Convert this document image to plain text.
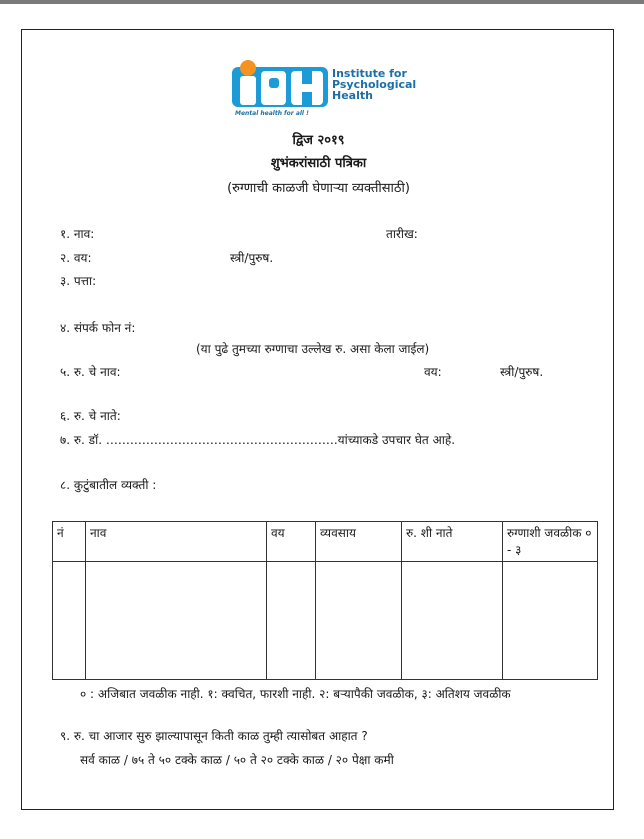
IPH
Institute for
Psychological
Health
Mental health for all !
द्विज २०१९
शुभंकरांसाठी पत्रिका
(रुग्णाची काळजी घेणाऱ्या व्यक्तीसाठी)
१. नाव:	तारीख:
२. वय:	स्त्री/पुरुष.
३. पत्ता:
४. संपर्क फोन नं:
(या पुढे तुमच्या रुग्णाचा उल्लेख रु. असा केला जाईल)
५. रु. चे नाव:	वय:	स्त्री/पुरुष.
६. रु. चे नाते:
७. रु. डॉ. ………………………………………………….यांच्याकडे उपचार घेत आहे.
८. कुटुंबातील व्यक्ती :
नं	नाव	वय	व्यवसाय	रु. शी नाते	रुग्णाशी जवळीक ० - ३

० : अजिबात जवळीक नाही. १: क्वचित, फारशी नाही. २: बऱ्यापैकी जवळीक, ३: अतिशय जवळीक
९. रु. चा आजार सुरु झाल्यापासून किती काळ तुम्ही त्यासोबत आहात ?
सर्व काळ / ७५ ते ५० टक्के काळ / ५० ते २० टक्के काळ / २० पेक्षा कमी
